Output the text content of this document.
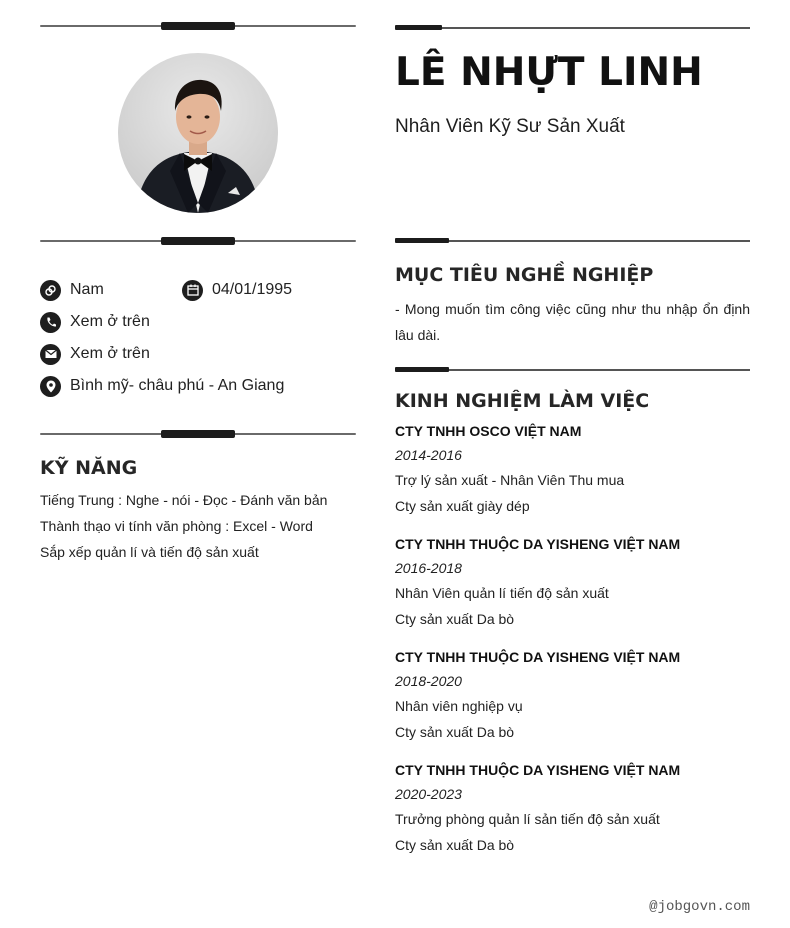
Nam	04/01/1995
Xem ở trên
Xem ở trên
Bình mỹ- châu phú - An Giang
KỸ NĂNG
Tiếng Trung : Nghe - nói - Đọc - Đánh văn bản
Thành thạo vi tính văn phòng : Excel - Word
Sắp xếp quản lí và tiến độ sản xuất
LÊ NHỰT LINH
Nhân Viên Kỹ Sư Sản Xuất
MỤC TIÊU NGHỀ NGHIỆP
- Mong muốn tìm công việc cũng như thu nhập ổn định lâu dài.
KINH NGHIỆM LÀM VIỆC
CTY TNHH OSCO VIỆT NAM
2014-2016
Trợ lý sản xuất - Nhân Viên Thu mua
Cty sản xuất giày dép
CTY TNHH THUỘC DA YISHENG VIỆT NAM
2016-2018
Nhân Viên quản lí tiến độ sản xuất
Cty sản xuất Da bò
CTY TNHH THUỘC DA YISHENG VIỆT NAM
2018-2020
Nhân viên nghiệp vụ
Cty sản xuất Da bò
CTY TNHH THUỘC DA YISHENG VIỆT NAM
2020-2023
Trưởng phòng quản lí sản tiến độ sản xuất
Cty sản xuất Da bò
@jobgovn.com
